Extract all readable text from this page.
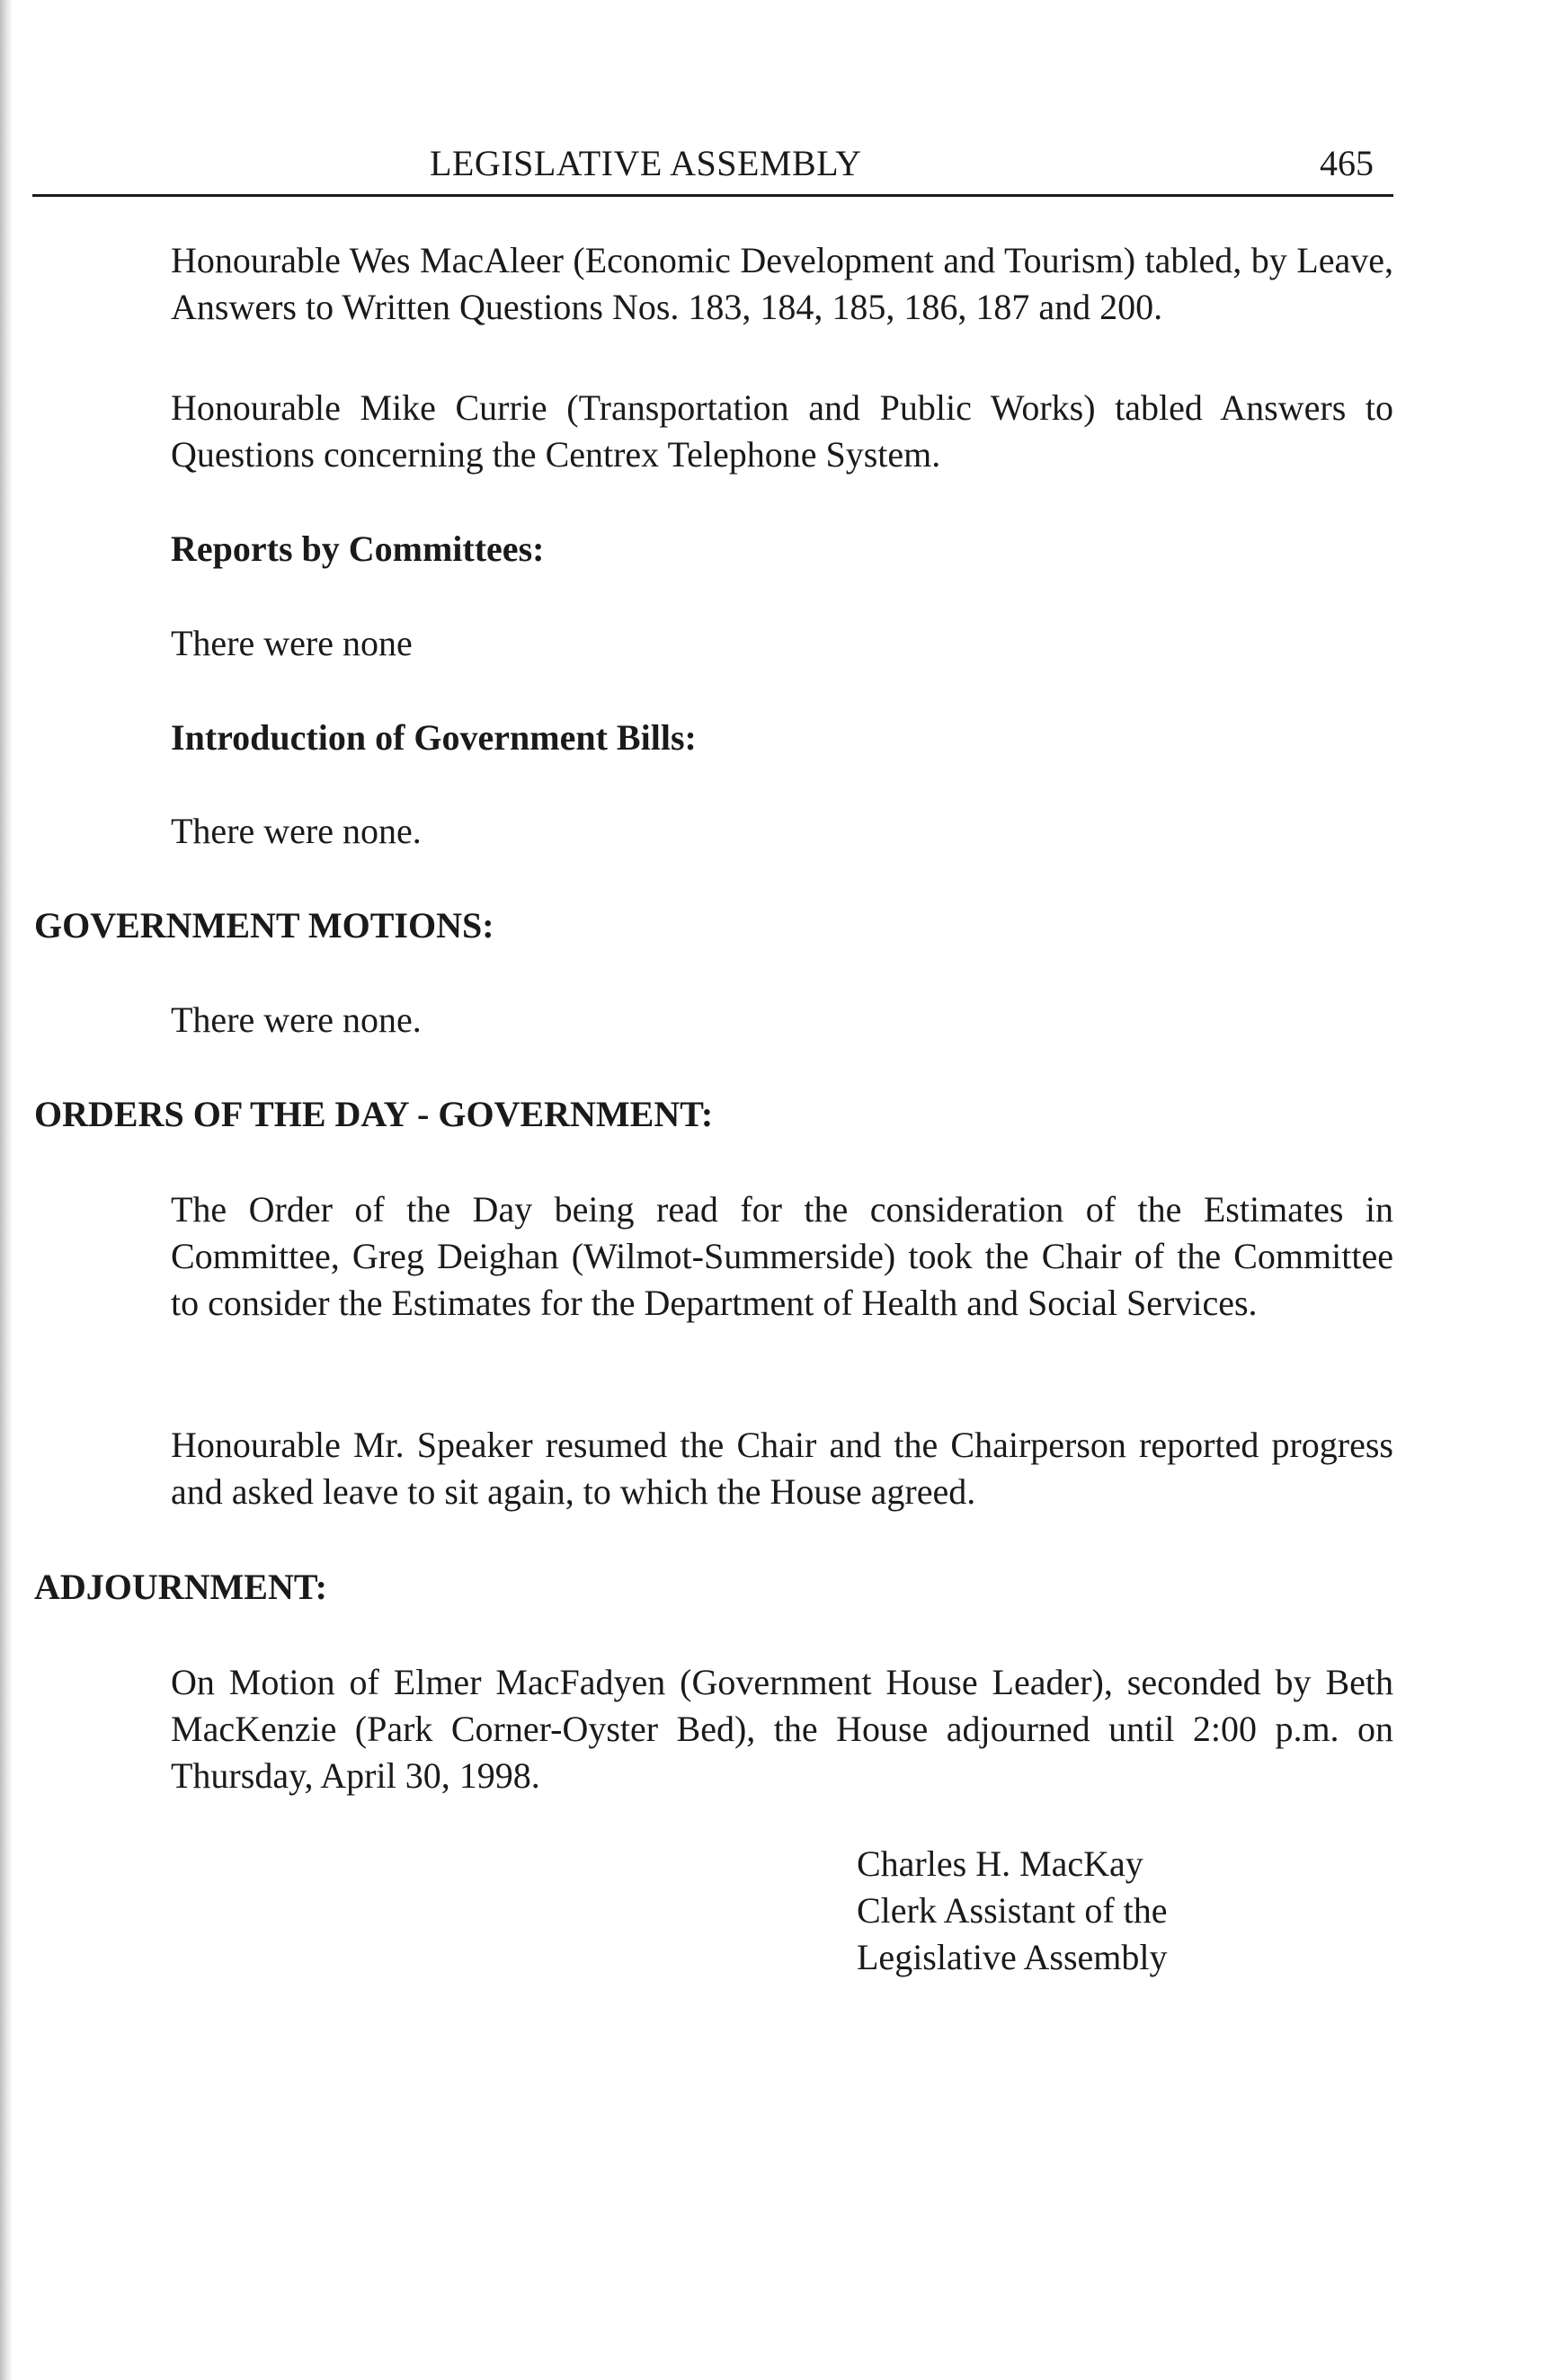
LEGISLATIVE ASSEMBLY	465
Honourable Wes MacAleer (Economic Development and Tourism) tabled, by Leave, Answers to Written Questions Nos. 183, 184, 185, 186, 187 and 200.
Honourable Mike Currie (Transportation and Public Works) tabled Answers to Questions concerning the Centrex Telephone System.
Reports by Committees:
There were none
Introduction of Government Bills:
There were none.
GOVERNMENT MOTIONS:
There were none.
ORDERS OF THE DAY - GOVERNMENT:
The Order of the Day being read for the consideration of the Estimates in Committee, Greg Deighan (Wilmot-Summerside) took the Chair of the Committee to consider the Estimates for the Department of Health and Social Services.
Honourable Mr. Speaker resumed the Chair and the Chairperson reported progress and asked leave to sit again, to which the House agreed.
ADJOURNMENT:
On Motion of Elmer MacFadyen (Government House Leader), seconded by Beth MacKenzie (Park Corner-Oyster Bed), the House adjourned until 2:00 p.m. on Thursday, April 30, 1998.
Charles H. MacKay
Clerk Assistant of the
Legislative Assembly
